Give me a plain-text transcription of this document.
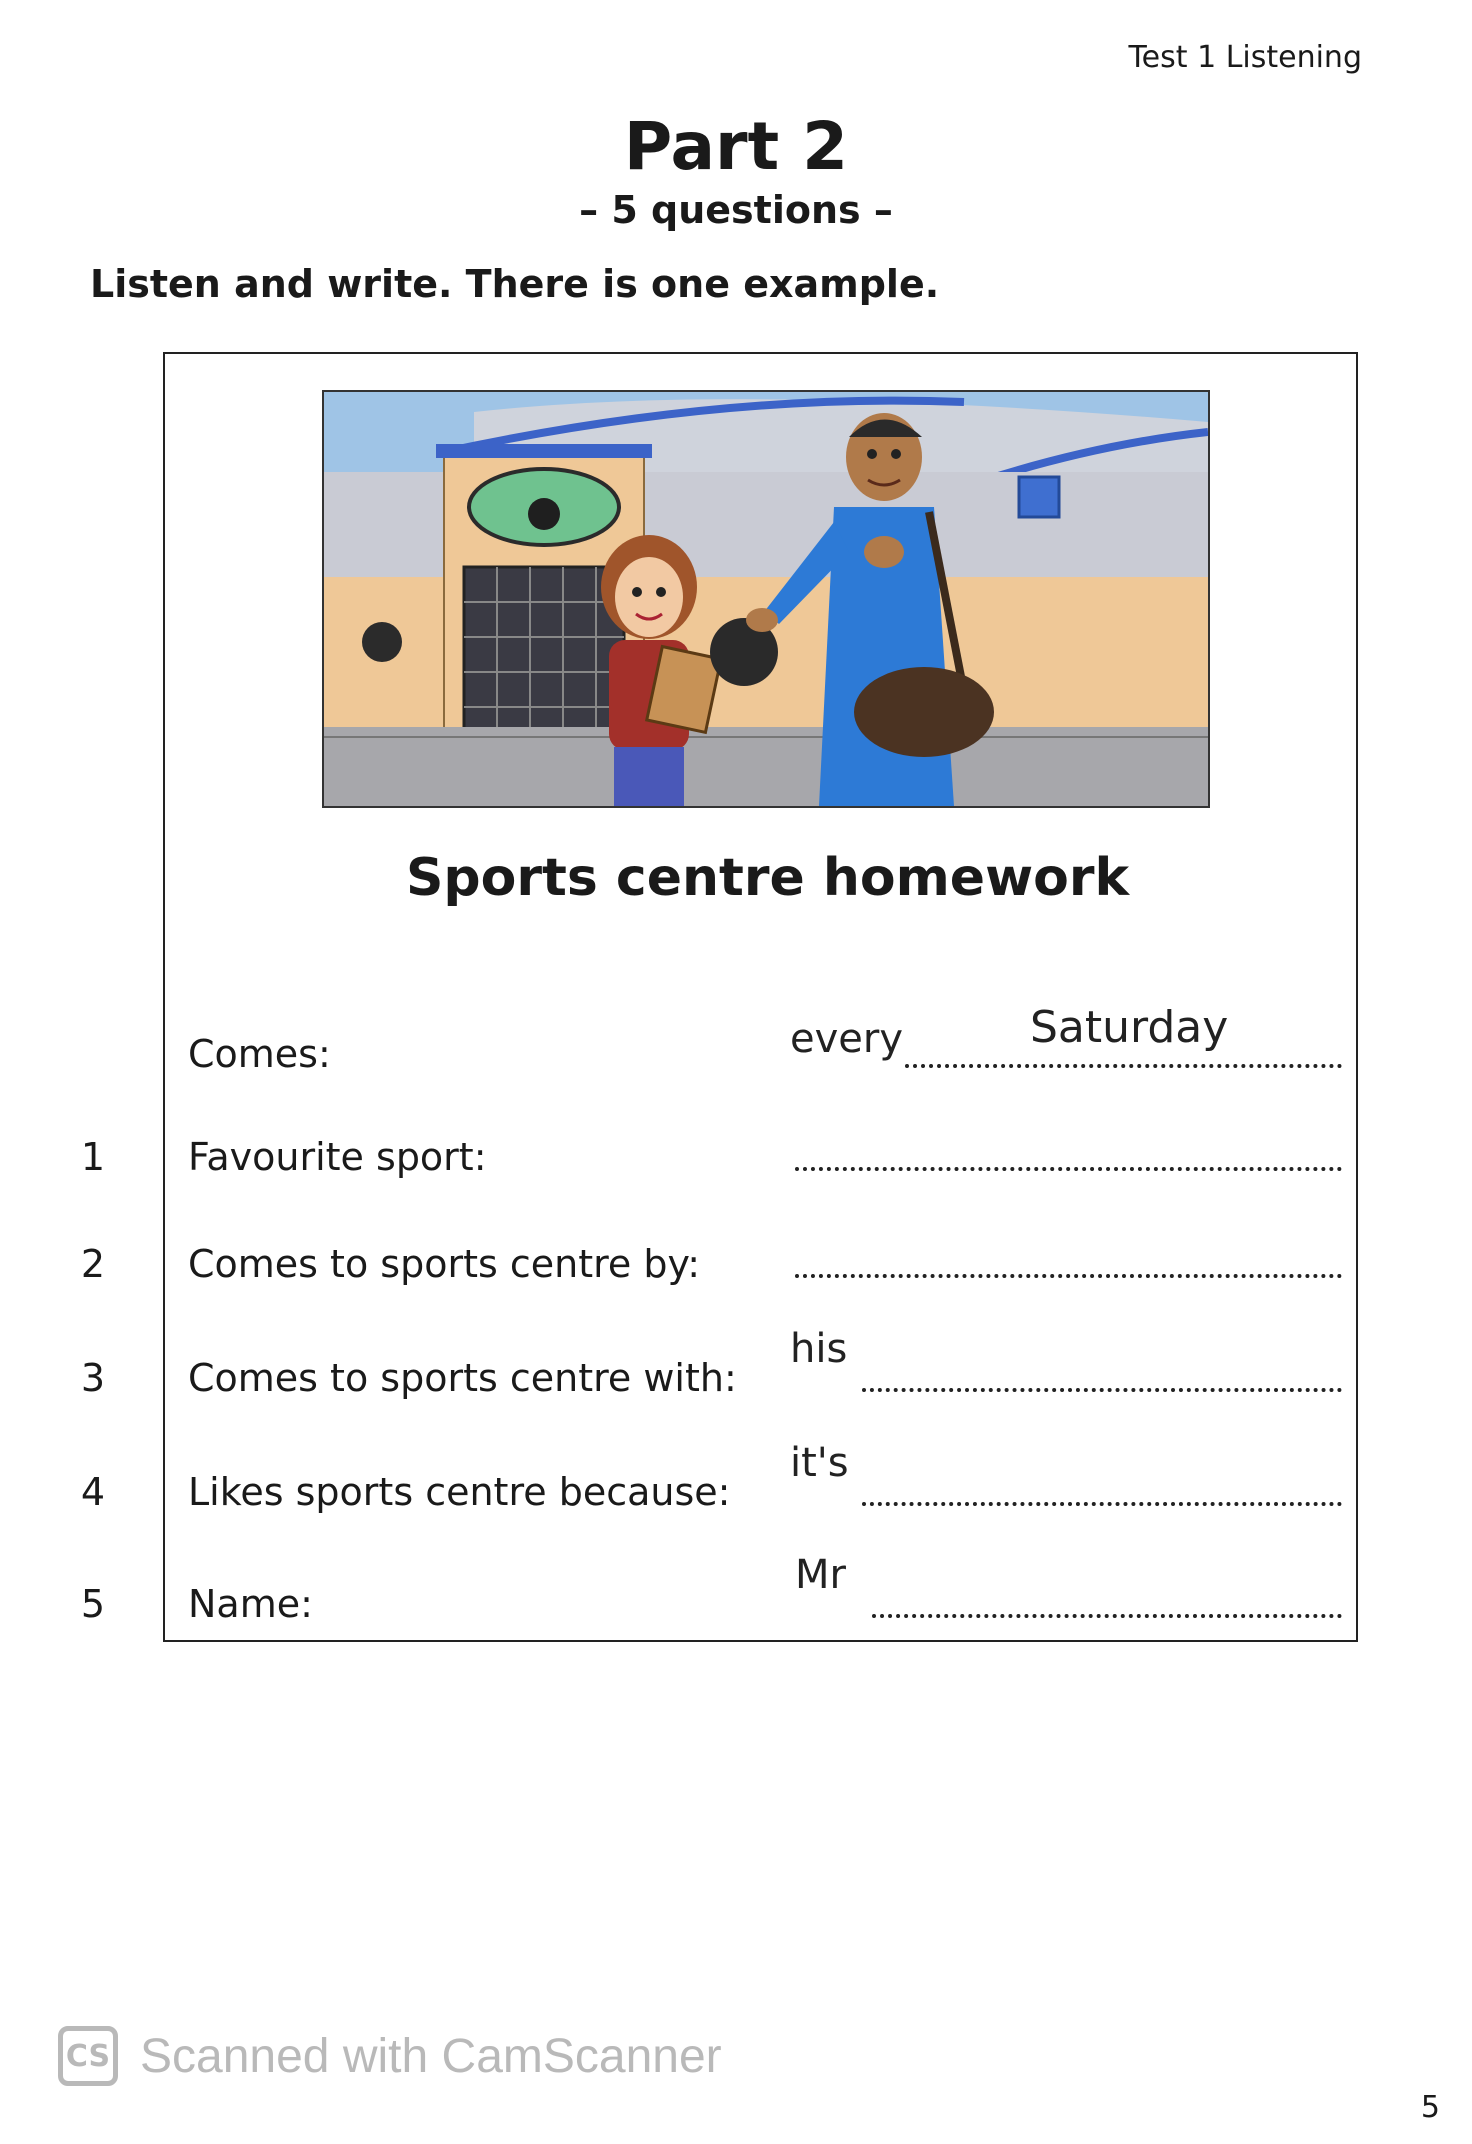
Test 1 Listening
Part 2
– 5 questions –
Listen and write. There is one example.
Sports centre homework
Comes:	every	Saturday
1 Favourite sport:
2 Comes to sports centre by:
3 Comes to sports centre with:
his
4 Likes sports centre because:
it's
5 Name:
Mr
CS Scanned with CamScanner
5
